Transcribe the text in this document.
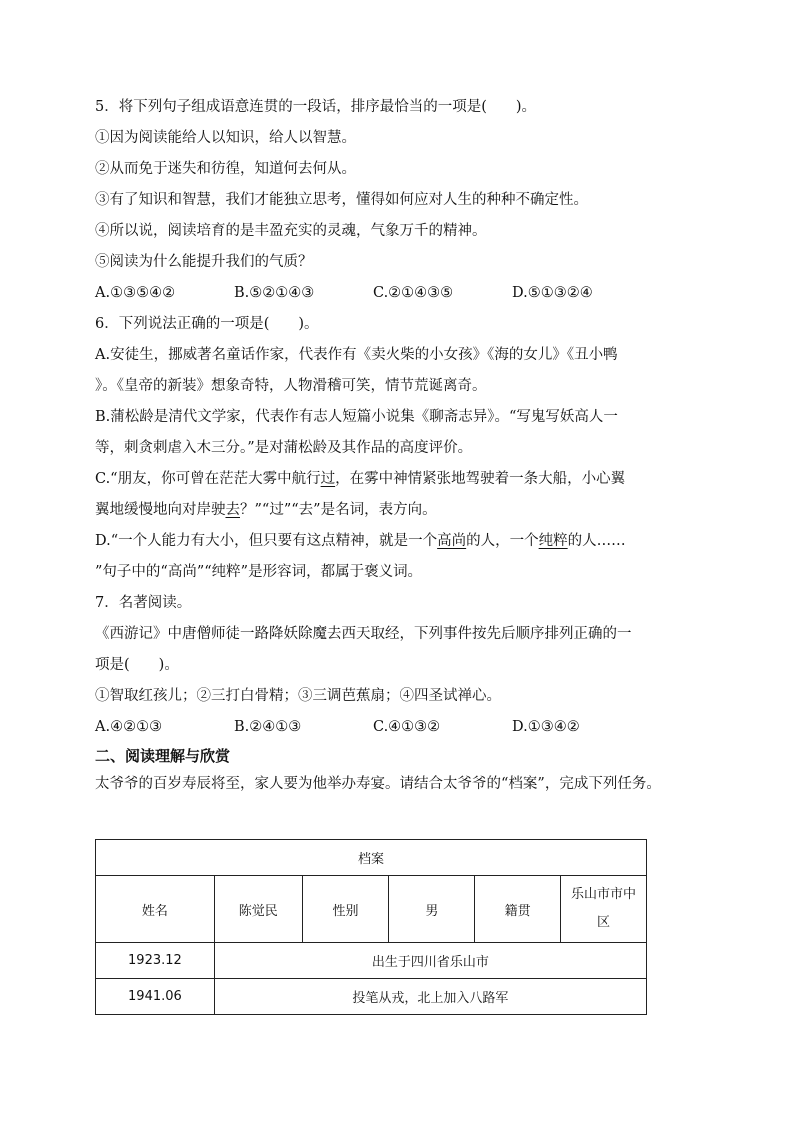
5．将下列句子组成语意连贯的一段话，排序最恰当的一项是(　　)。
①因为阅读能给人以知识，给人以智慧。
②从而免于迷失和彷徨，知道何去何从。
③有了知识和智慧，我们才能独立思考，懂得如何应对人生的种种不确定性。
④所以说，阅读培育的是丰盈充实的灵魂，气象万千的精神。
⑤阅读为什么能提升我们的气质？
A.①③⑤④②	B.⑤②①④③	C.②①④③⑤	D.⑤①③②④
6．下列说法正确的一项是(　　)。
A.安徒生，挪威著名童话作家，代表作有《卖火柴的小女孩》《海的女儿》《丑小鸭
》。《皇帝的新装》想象奇特，人物滑稽可笑，情节荒诞离奇。
B.蒲松龄是清代文学家，代表作有志人短篇小说集《聊斋志异》。“写鬼写妖高人一
等，刺贪刺虐入木三分。”是对蒲松龄及其作品的高度评价。
C.“朋友，你可曾在茫茫大雾中航行过，在雾中神情紧张地驾驶着一条大船，小心翼
翼地缓慢地向对岸驶去？”“过”“去”是名词，表方向。
D.“一个人能力有大小，但只要有这点精神，就是一个高尚的人，一个纯粹的人……
”句子中的“高尚”“纯粹”是形容词，都属于褒义词。
7．名著阅读。
《西游记》中唐僧师徒一路降妖除魔去西天取经，下列事件按先后顺序排列正确的一
项是(　　)。
①智取红孩儿；②三打白骨精；③三调芭蕉扇；④四圣试禅心。
A.④②①③	B.②④①③	C.④①③②	D.①③④②
二、阅读理解与欣赏
太爷爷的百岁寿辰将至，家人要为他举办寿宴。请结合太爷爷的“档案”，完成下列任务。
档案					
姓名	陈觉民	性别	男	籍贯	乐山市市中区
1923.12	出生于四川省乐山市				
1941.06	投笔从戎，北上加入八路军				
